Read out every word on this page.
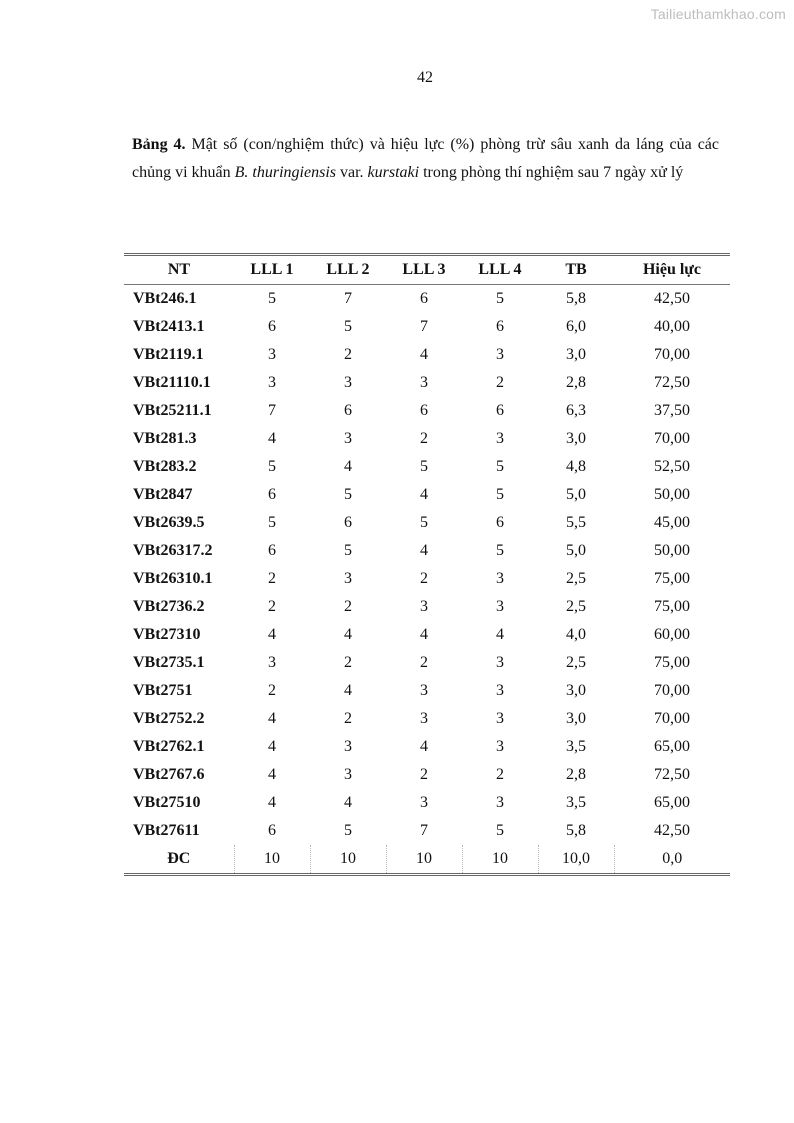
Tailieuthamkhao.com
42

Bảng 4. Mật số (con/nghiệm thức) và hiệu lực (%) phòng trừ sâu xanh da láng của các chủng vi khuẩn B. thuringiensis var. kurstaki trong phòng thí nghiệm sau 7 ngày xử lý

NT	LLL 1	LLL 2	LLL 3	LLL 4	TB	Hiệu lực
VBt246.1	5	7	6	5	5,8	42,50
VBt2413.1	6	5	7	6	6,0	40,00
VBt2119.1	3	2	4	3	3,0	70,00
VBt21110.1	3	3	3	2	2,8	72,50
VBt25211.1	7	6	6	6	6,3	37,50
VBt281.3	4	3	2	3	3,0	70,00
VBt283.2	5	4	5	5	4,8	52,50
VBt2847	6	5	4	5	5,0	50,00
VBt2639.5	5	6	5	6	5,5	45,00
VBt26317.2	6	5	4	5	5,0	50,00
VBt26310.1	2	3	2	3	2,5	75,00
VBt2736.2	2	2	3	3	2,5	75,00
VBt27310	4	4	4	4	4,0	60,00
VBt2735.1	3	2	2	3	2,5	75,00
VBt2751	2	4	3	3	3,0	70,00
VBt2752.2	4	2	3	3	3,0	70,00
VBt2762.1	4	3	4	3	3,5	65,00
VBt2767.6	4	3	2	2	2,8	72,50
VBt27510	4	4	3	3	3,5	65,00
VBt27611	6	5	7	5	5,8	42,50
ĐC	10	10	10	10	10,0	0,0
